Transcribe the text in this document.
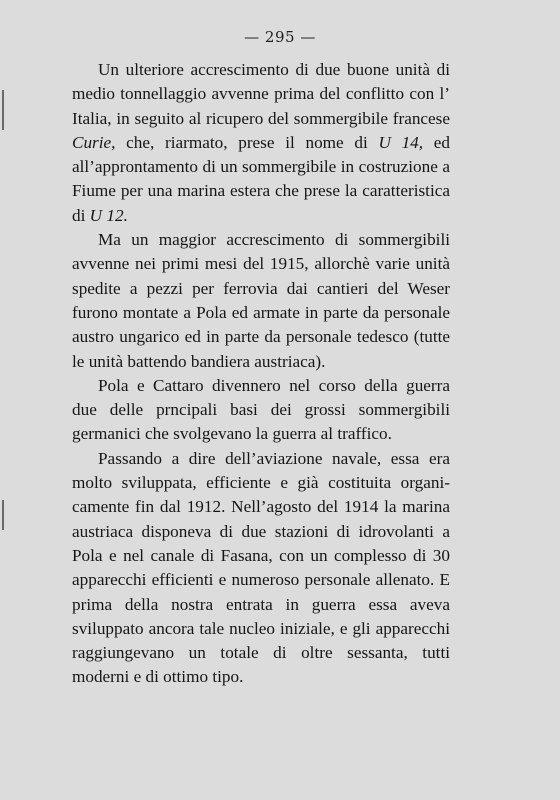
— 295 —

Un ulteriore accrescimento di due buone unità di medio tonnellaggio avvenne prima del conflitto con l’ Italia, in seguito al ricupero del sommergibile francese Curie, che, riarmato, prese il nome di U 14, ed all’approntamento di un sommergibile in costruzione a Fiume per una marina estera che prese la caratteristica di U 12.

Ma un maggior accrescimento di sommergibili avvenne nei primi mesi del 1915, allorchè varie unità spedite a pezzi per ferrovia dai cantieri del Weser furono montate a Pola ed armate in parte da personale austro ungarico ed in parte da personale tedesco (tutte le unità battendo bandiera austriaca).

Pola e Cattaro divennero nel corso della guerra due delle prncipali basi dei grossi sommergibili germanici che svolgevano la guerra al traffico.

Passando a dire dell’aviazione navale, essa era molto sviluppata, efficiente e già costituita organicamente fin dal 1912. Nell’agosto del 1914 la marina austriaca disponeva di due stazioni di idrovolanti a Pola e nel canale di Fasana, con un complesso di 30 apparecchi efficienti e numeroso personale allenato. E prima della nostra entrata in guerra essa aveva sviluppato ancora tale nucleo iniziale, e gli apparecchi raggiungevano un totale di oltre sessanta, tutti moderni e di ottimo tipo.
